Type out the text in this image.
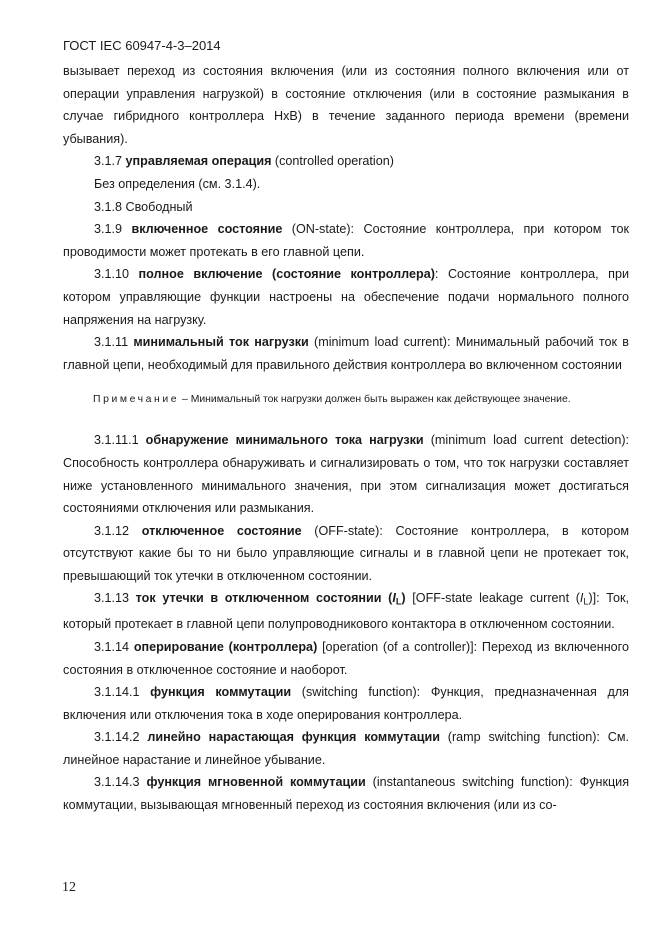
ГОСТ IEC 60947-4-3–2014

вызывает переход из состояния включения (или из состояния полного включения или от операции управления нагрузкой) в состояние отключения (или в состояние размыкания в случае гибридного контроллера НхВ) в течение заданного периода времени (времени убывания).

3.1.7 управляемая операция (controlled operation)

Без определения (см. 3.1.4).

3.1.8 Свободный

3.1.9 включенное состояние (ON-state): Состояние контроллера, при котором ток проводимости может протекать в его главной цепи.

3.1.10 полное включение (состояние контроллера): Состояние контроллера, при котором управляющие функции настроены на обеспечение подачи нормального полного напряжения на нагрузку.

3.1.11 минимальный ток нагрузки (minimum load current): Минимальный рабочий ток в главной цепи, необходимый для правильного действия контроллера во включенном состоянии

Примечание – Минимальный ток нагрузки должен быть выражен как действующее значение.

3.1.11.1 обнаружение минимального тока нагрузки (minimum load current detection): Способность контроллера обнаруживать и сигнализировать о том, что ток нагрузки составляет ниже установленного минимального значения, при этом сигнализация может достигаться состояниями отключения или размыкания.

3.1.12 отключенное состояние (OFF-state): Состояние контроллера, в котором отсутствуют какие бы то ни было управляющие сигналы и в главной цепи не протекает ток, превышающий ток утечки в отключенном состоянии.

3.1.13 ток утечки в отключенном состоянии $(I_L)$ [OFF-state leakage current $(I_L)$]: Ток, который протекает в главной цепи полупроводникового контактора в отключенном состоянии.

3.1.14 оперирование (контроллера) [operation (of a controller)]: Переход из включенного состояния в отключенное состояние и наоборот.

3.1.14.1 функция коммутации (switching function): Функция, предназначенная для включения или отключения тока в ходе оперирования контроллера.

3.1.14.2 линейно нарастающая функция коммутации (ramp switching function): См. линейное нарастание и линейное убывание.

3.1.14.3 функция мгновенной коммутации (instantaneous switching function): Функция коммутации, вызывающая мгновенный переход из состояния включения (или из со-

12
